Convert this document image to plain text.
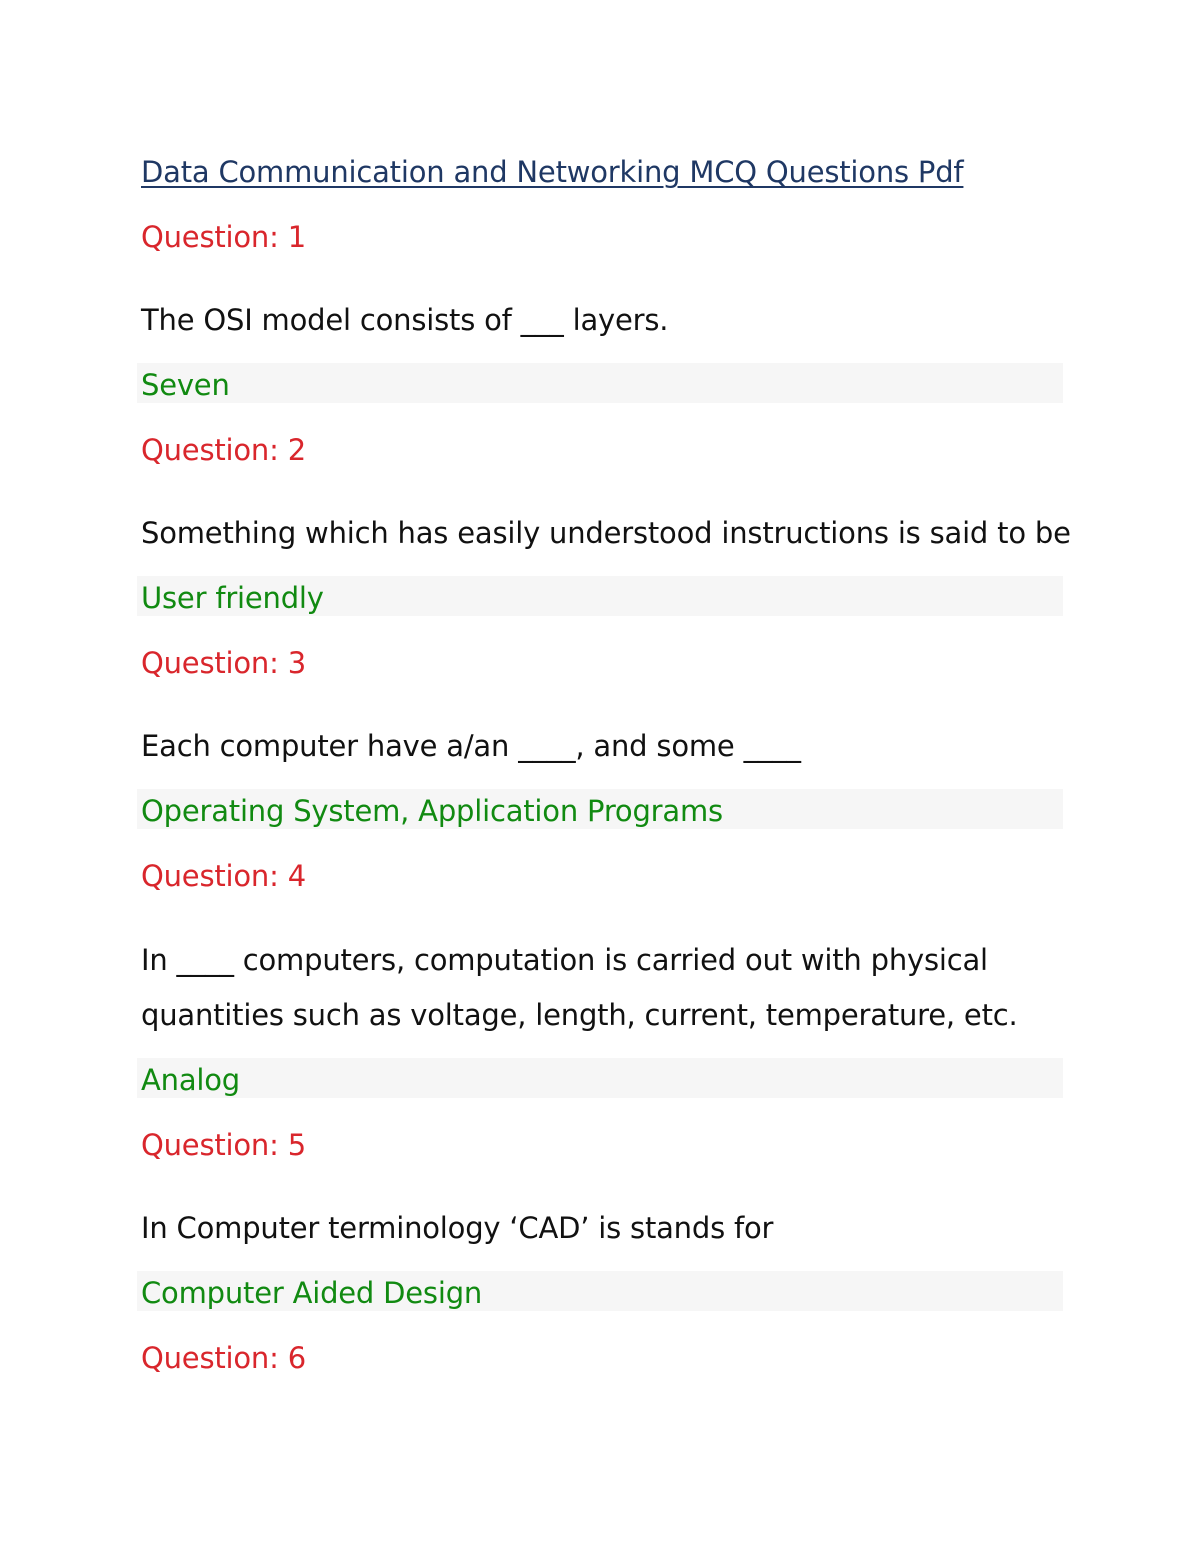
Data Communication and Networking MCQ Questions Pdf
Question: 1
The OSI model consists of ___ layers.
Seven
Question: 2
Something which has easily understood instructions is said to be
User friendly
Question: 3
Each computer have a/an ____, and some ____
Operating System, Application Programs
Question: 4
In ____ computers, computation is carried out with physical
quantities such as voltage, length, current, temperature, etc.
Analog
Question: 5
In Computer terminology ‘CAD’ is stands for
Computer Aided Design
Question: 6
